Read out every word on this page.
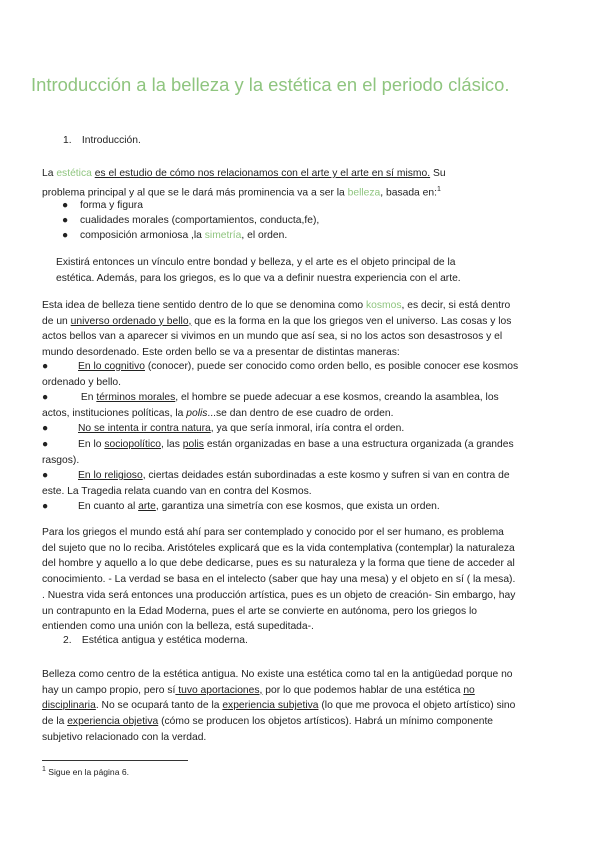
Introducción a la belleza y la estética en el periodo clásico.
1. Introducción.
La estética es el estudio de cómo nos relacionamos con el arte y el arte en sí mismo. Su
problema principal y al que se le dará más prominencia va a ser la belleza, basada en:$^1$
● forma y figura
● cualidades morales (comportamientos, conducta,fe),
● composición armoniosa ,la simetría, el orden.
Existirá entonces un vínculo entre bondad y belleza, y el arte es el objeto principal de la
estética. Además, para los griegos, es lo que va a definir nuestra experiencia con el arte.
Esta idea de belleza tiene sentido dentro de lo que se denomina como kosmos, es decir, si está dentro
de un universo ordenado y bello, que es la forma en la que los griegos ven el universo. Las cosas y los
actos bellos van a aparecer si vivimos en un mundo que así sea, si no los actos son desastrosos y el
mundo desordenado. Este orden bello se va a presentar de distintas maneras:
●	En lo cognitivo (conocer), puede ser conocido como orden bello, es posible conocer ese kosmos
ordenado y bello.
●	En términos morales, el hombre se puede adecuar a ese kosmos, creando la asamblea, los
actos, instituciones políticas, la polis...se dan dentro de ese cuadro de orden.
●	No se intenta ir contra natura, ya que sería inmoral, iría contra el orden.
●	En lo sociopolítico, las polis están organizadas en base a una estructura organizada (a grandes
rasgos).
●	En lo religioso, ciertas deidades están subordinadas a este kosmo y sufren si van en contra de
este. La Tragedia relata cuando van en contra del Kosmos.
●	En cuanto al arte, garantiza una simetría con ese kosmos, que exista un orden.
Para los griegos el mundo está ahí para ser contemplado y conocido por el ser humano, es problema
del sujeto que no lo reciba. Aristóteles explicará que es la vida contemplativa (contemplar) la naturaleza
del hombre y aquello a lo que debe dedicarse, pues es su naturaleza y la forma que tiene de acceder al
conocimiento. - La verdad se basa en el intelecto (saber que hay una mesa) y el objeto en sí ( la mesa).
. Nuestra vida será entonces una producción artística, pues es un objeto de creación- Sin embargo, hay
un contrapunto en la Edad Moderna, pues el arte se convierte en autónoma, pero los griegos lo
entienden como una unión con la belleza, está supeditada-.
2. Estética antigua y estética moderna.
Belleza como centro de la estética antigua. No existe una estética como tal en la antigüedad porque no
hay un campo propio, pero sí tuvo aportaciones, por lo que podemos hablar de una estética no
disciplinaria. No se ocupará tanto de la experiencia subjetiva (lo que me provoca el objeto artístico) sino
de la experiencia objetiva (cómo se producen los objetos artísticos). Habrá un mínimo componente
subjetivo relacionado con la verdad.
$^1$ Sigue en la página 6.
